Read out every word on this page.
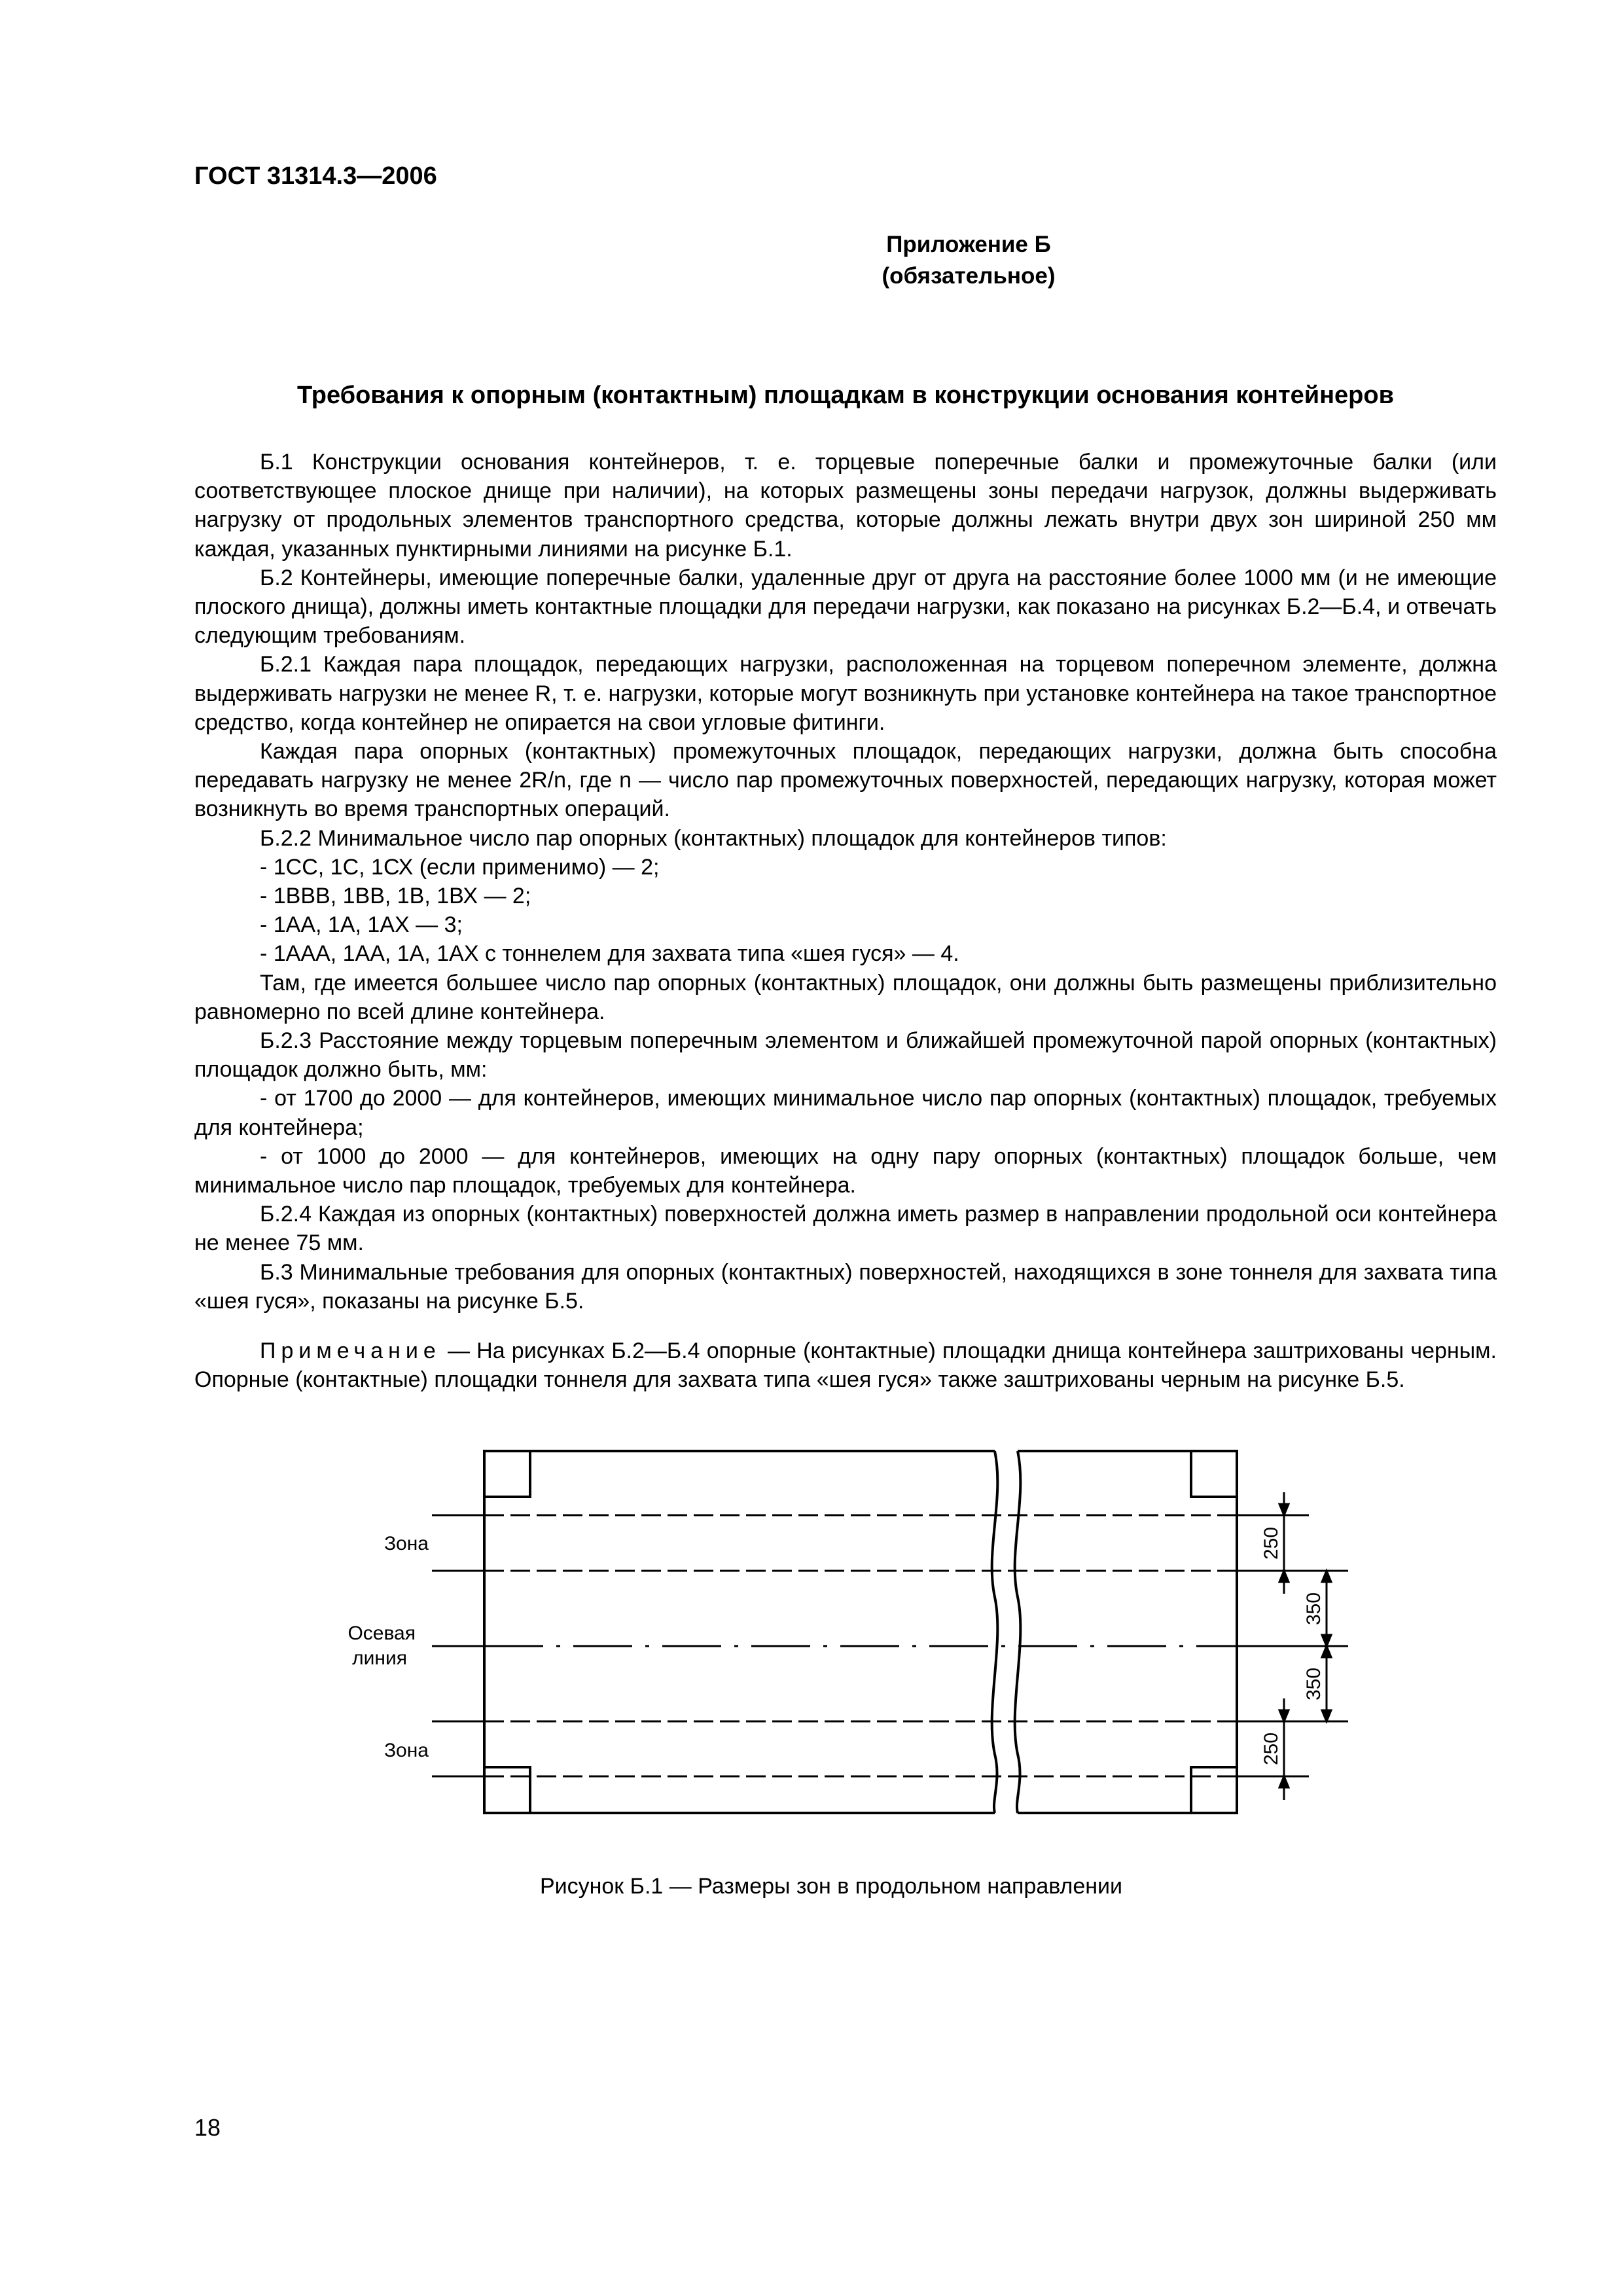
ГОСТ 31314.3—2006
Приложение Б
(обязательное)
Требования к опорным (контактным) площадкам в конструкции основания контейнеров

Б.1 Конструкции основания контейнеров, т. е. торцевые поперечные балки и промежуточные балки (или соответствующее плоское днище при наличии), на которых размещены зоны передачи нагрузок, должны выдерживать нагрузку от продольных элементов транспортного средства, которые должны лежать внутри двух зон шириной 250 мм каждая, указанных пунктирными линиями на рисунке Б.1.

Б.2 Контейнеры, имеющие поперечные балки, удаленные друг от друга на расстояние более 1000 мм (и не имеющие плоского днища), должны иметь контактные площадки для передачи нагрузки, как показано на рисунках Б.2—Б.4, и отвечать следующим требованиям.

Б.2.1 Каждая пара площадок, передающих нагрузки, расположенная на торцевом поперечном элементе, должна выдерживать нагрузки не менее R, т. е. нагрузки, которые могут возникнуть при установке контейнера на такое транспортное средство, когда контейнер не опирается на свои угловые фитинги.

Каждая пара опорных (контактных) промежуточных площадок, передающих нагрузки, должна быть способна передавать нагрузку не менее 2R/n, где n — число пар промежуточных поверхностей, передающих нагрузку, которая может возникнуть во время транспортных операций.

Б.2.2 Минимальное число пар опорных (контактных) площадок для контейнеров типов:

- 1СС, 1С, 1СХ (если применимо) — 2;

- 1ВВВ, 1ВВ, 1В, 1ВХ — 2;

- 1АА, 1А, 1АХ — 3;

- 1ААА, 1АА, 1А, 1АХ с тоннелем для захвата типа «шея гуся» — 4.

Там, где имеется большее число пар опорных (контактных) площадок, они должны быть размещены приблизительно равномерно по всей длине контейнера.

Б.2.3 Расстояние между торцевым поперечным элементом и ближайшей промежуточной парой опорных (контактных) площадок должно быть, мм:

- от 1700 до 2000 — для контейнеров, имеющих минимальное число пар опорных (контактных) площадок, требуемых для контейнера;

- от 1000 до 2000 — для контейнеров, имеющих на одну пару опорных (контактных) площадок больше, чем минимальное число пар площадок, требуемых для контейнера.

Б.2.4 Каждая из опорных (контактных) поверхностей должна иметь размер в направлении продольной оси контейнера не менее 75 мм.

Б.3 Минимальные требования для опорных (контактных) поверхностей, находящихся в зоне тоннеля для захвата типа «шея гуся», показаны на рисунке Б.5.

Примечание — На рисунках Б.2—Б.4 опорные (контактные) площадки днища контейнера заштрихованы черным. Опорные (контактные) площадки тоннеля для захвата типа «шея гуся» также заштрихованы черным на рисунке Б.5.

Зона
Осевая
линия
Зона
250
350
350
250
Рисунок Б.1 — Размеры зон в продольном направлении
18
